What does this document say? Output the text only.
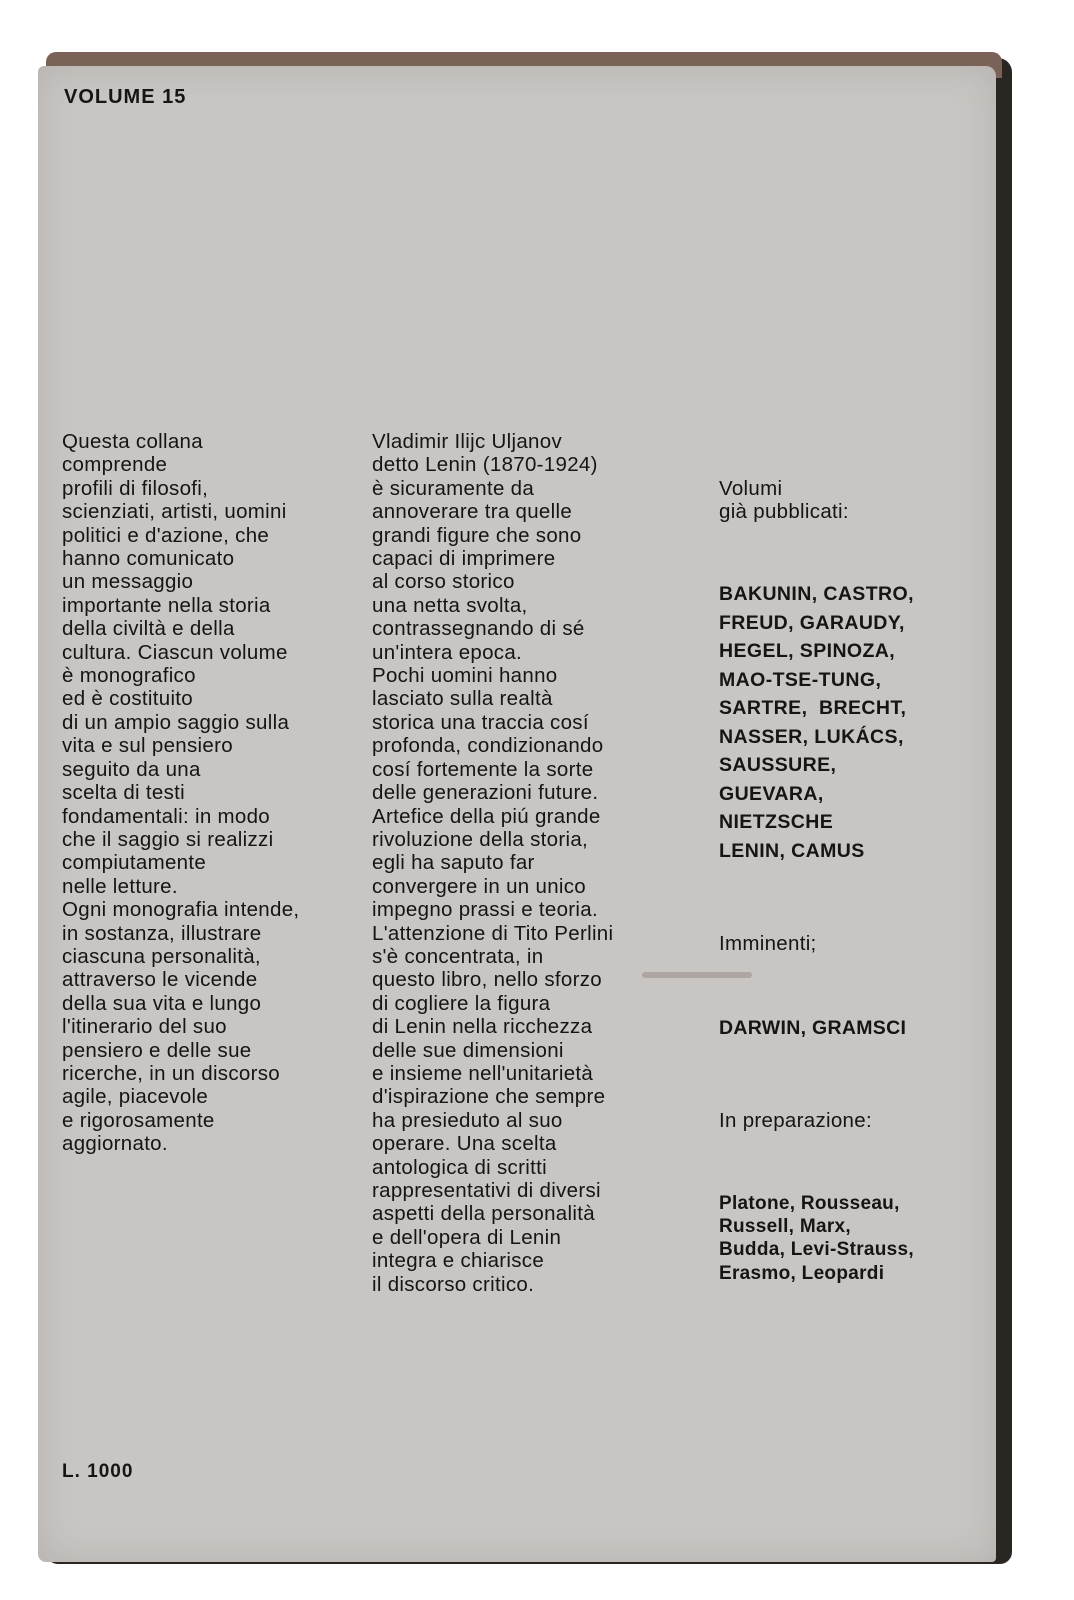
VOLUME 15
Questa collana
comprende
profili di filosofi,
scienziati, artisti, uomini
politici e d'azione, che
hanno comunicato
un messaggio
importante nella storia
della civiltà e della
cultura. Ciascun volume
è monografico
ed è costituito
di un ampio saggio sulla
vita e sul pensiero
seguito da una
scelta di testi
fondamentali: in modo
che il saggio si realizzi
compiutamente
nelle letture.
Ogni monografia intende,
in sostanza, illustrare
ciascuna personalità,
attraverso le vicende
della sua vita e lungo
l'itinerario del suo
pensiero e delle sue
ricerche, in un discorso
agile, piacevole
e rigorosamente
aggiornato.
Vladimir Ilijc Uljanov
detto Lenin (1870-1924)
è sicuramente da
annoverare tra quelle
grandi figure che sono
capaci di imprimere
al corso storico
una netta svolta,
contrassegnando di sé
un'intera epoca.
Pochi uomini hanno
lasciato sulla realtà
storica una traccia cosí
profonda, condizionando
cosí fortemente la sorte
delle generazioni future.
Artefice della piú grande
rivoluzione della storia,
egli ha saputo far
convergere in un unico
impegno prassi e teoria.
L'attenzione di Tito Perlini
s'è concentrata, in
questo libro, nello sforzo
di cogliere la figura
di Lenin nella ricchezza
delle sue dimensioni
e insieme nell'unitarietà
d'ispirazione che sempre
ha presieduto al suo
operare. Una scelta
antologica di scritti
rappresentativi di diversi
aspetti della personalità
e dell'opera di Lenin
integra e chiarisce
il discorso critico.

Volumi
già pubblicati:

BAKUNIN, CASTRO,
FREUD, GARAUDY,
HEGEL, SPINOZA,
MAO-TSE-TUNG,
SARTRE,  BRECHT,
NASSER, LUKÁCS,
SAUSSURE,
GUEVARA,
NIETZSCHE
LENIN, CAMUS

Imminenti;

DARWIN, GRAMSCI

In preparazione:

Platone, Rousseau,
Russell, Marx,
Budda, Levi-Strauss,
Erasmo, Leopardi

L. 1000
